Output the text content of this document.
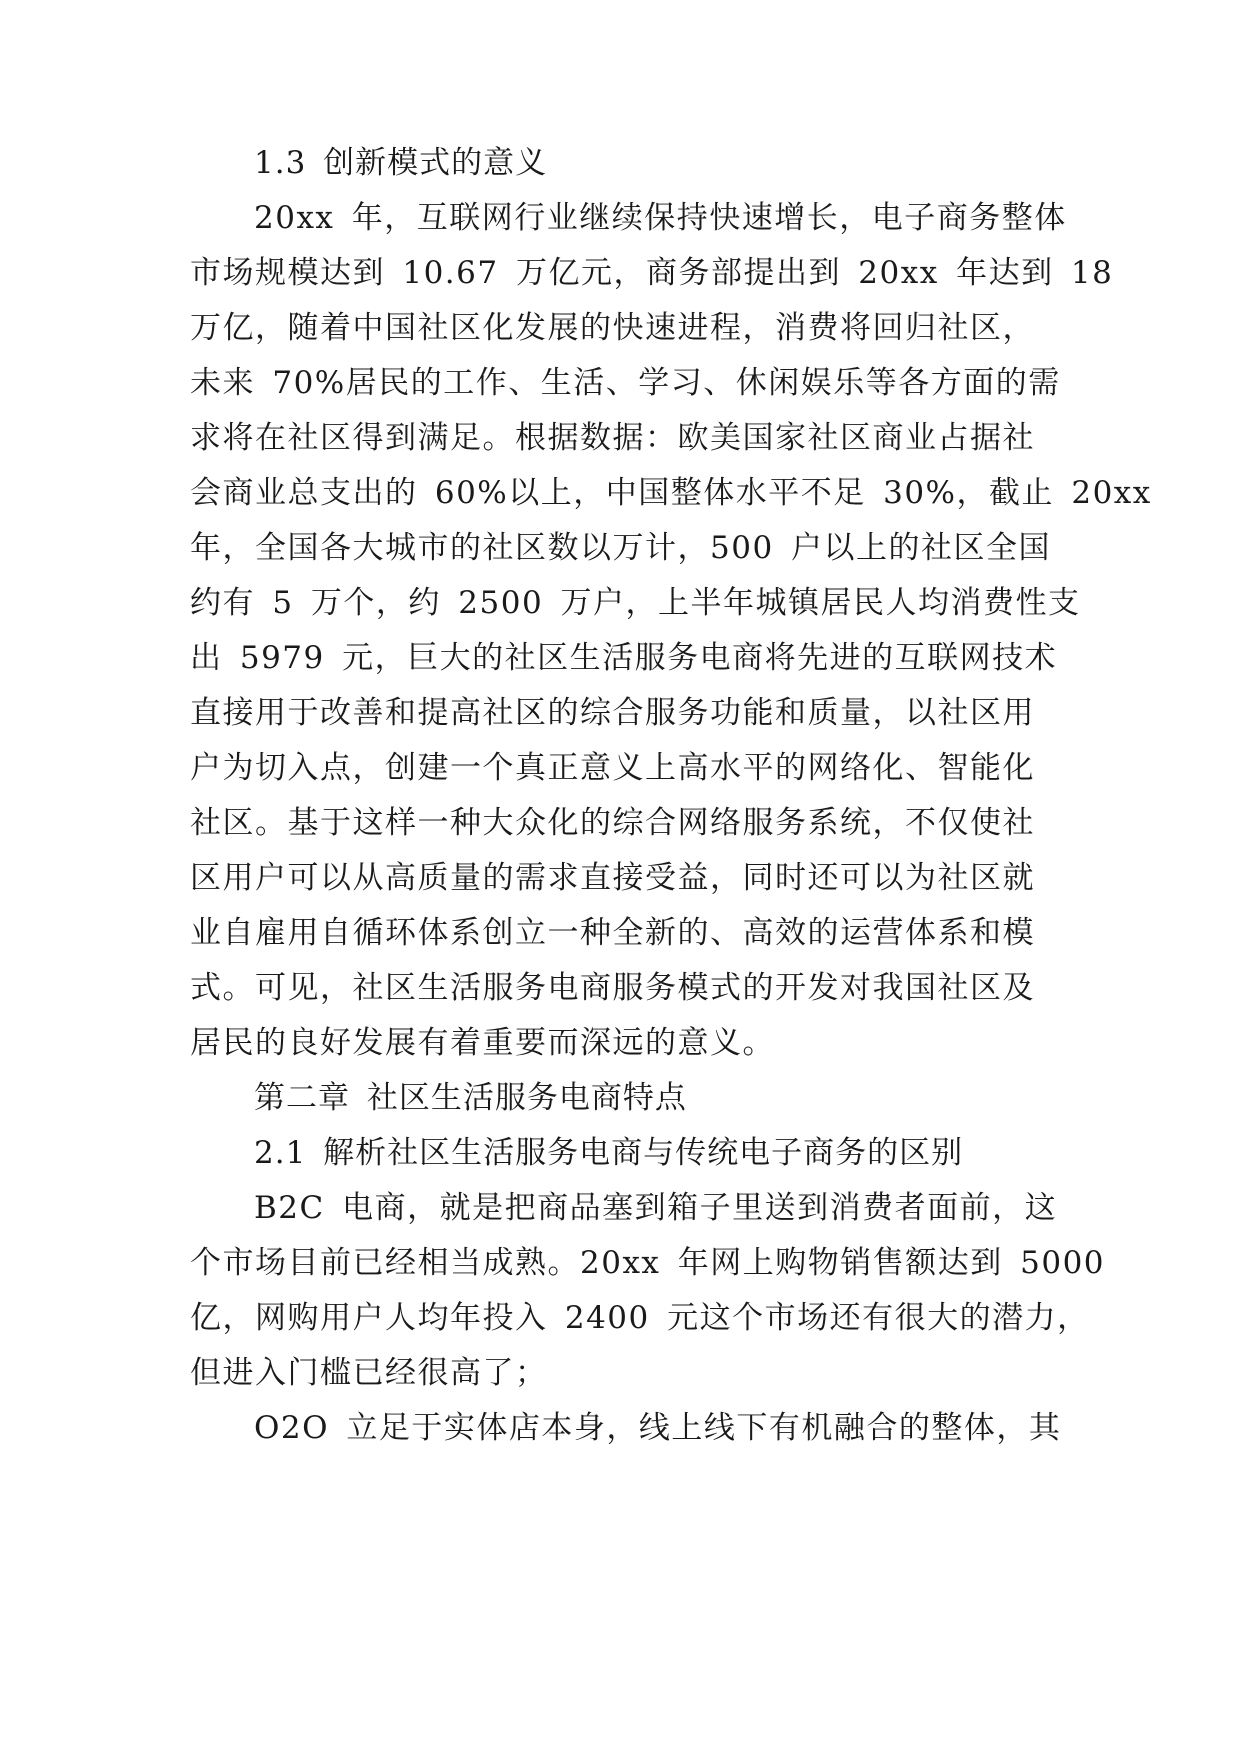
1.3 创新模式的意义
20xx 年，互联网行业继续保持快速增长，电子商务整体
市场规模达到 10.67 万亿元，商务部提出到 20xx 年达到 18
万亿，随着中国社区化发展的快速进程，消费将回归社区，
未来 70%居民的工作、生活、学习、休闲娱乐等各方面的需
求将在社区得到满足。根据数据：欧美国家社区商业占据社
会商业总支出的 60%以上，中国整体水平不足 30%，截止 20xx
年，全国各大城市的社区数以万计，500 户以上的社区全国
约有 5 万个，约 2500 万户，上半年城镇居民人均消费性支
出 5979 元，巨大的社区生活服务电商将先进的互联网技术
直接用于改善和提高社区的综合服务功能和质量，以社区用
户为切入点，创建一个真正意义上高水平的网络化、智能化
社区。基于这样一种大众化的综合网络服务系统，不仅使社
区用户可以从高质量的需求直接受益，同时还可以为社区就
业自雇用自循环体系创立一种全新的、高效的运营体系和模
式。可见，社区生活服务电商服务模式的开发对我国社区及
居民的良好发展有着重要而深远的意义。
第二章 社区生活服务电商特点
2.1 解析社区生活服务电商与传统电子商务的区别
B2C 电商，就是把商品塞到箱子里送到消费者面前，这
个市场目前已经相当成熟。20xx 年网上购物销售额达到 5000
亿，网购用户人均年投入 2400 元这个市场还有很大的潜力，
但进入门槛已经很高了；
O2O 立足于实体店本身，线上线下有机融合的整体，其
